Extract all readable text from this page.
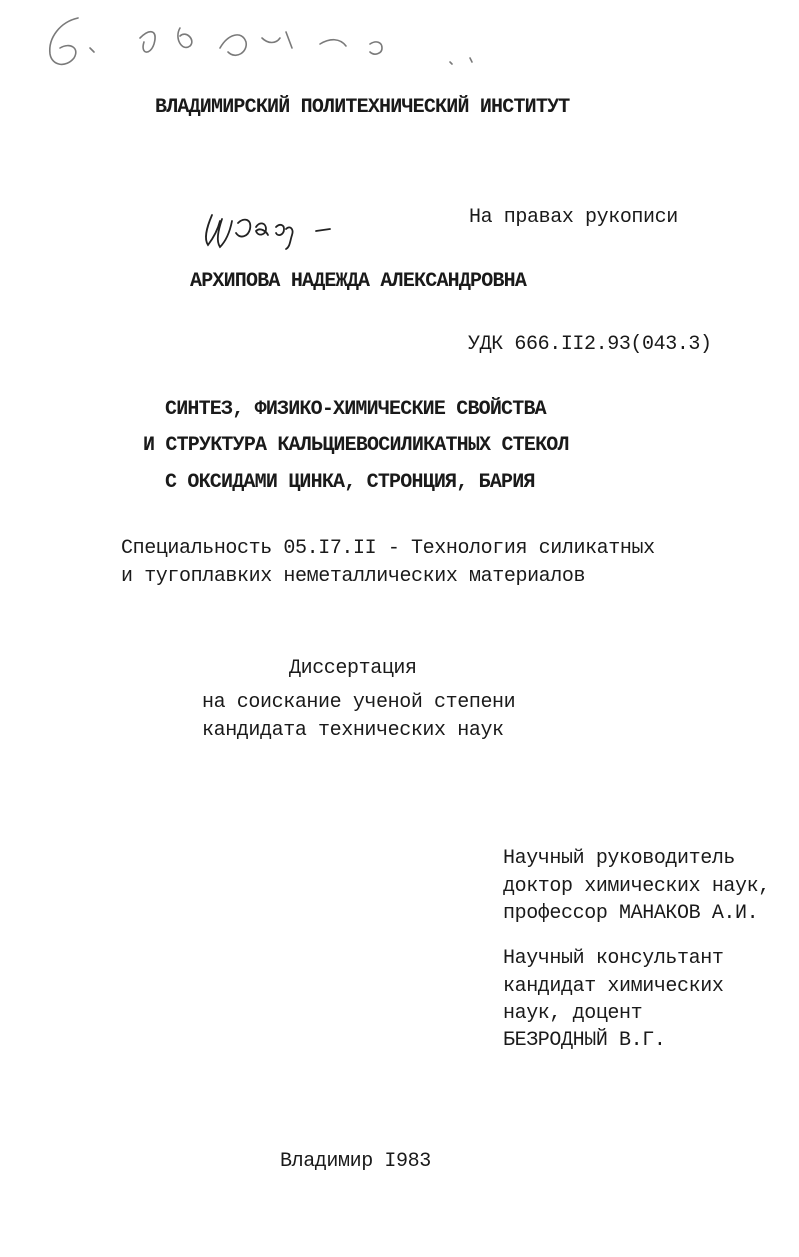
ВЛАДИМИРСКИЙ ПОЛИТЕХНИЧЕСКИЙ ИНСТИТУТ
На правах рукописи
АРХИПОВА НАДЕЖДА АЛЕКСАНДРОВНА
УДК 666.II2.93(043.3)
СИНТЕЗ, ФИЗИКО-ХИМИЧЕСКИЕ СВОЙСТВА
И СТРУКТУРА КАЛЬЦИЕВОСИЛИКАТНЫХ СТЕКОЛ
С ОКСИДАМИ ЦИНКА, СТРОНЦИЯ, БАРИЯ
Специальность 05.I7.II - Технология силикатных
и тугоплавких неметаллических материалов
Диссертация
на соискание ученой степени
кандидата технических наук
Научный руководитель
доктор химических наук,
профессор МАНАКОВ А.И.
Научный консультант
кандидат химических
наук, доцент
БЕЗРОДНЫЙ В.Г.
Владимир I983
